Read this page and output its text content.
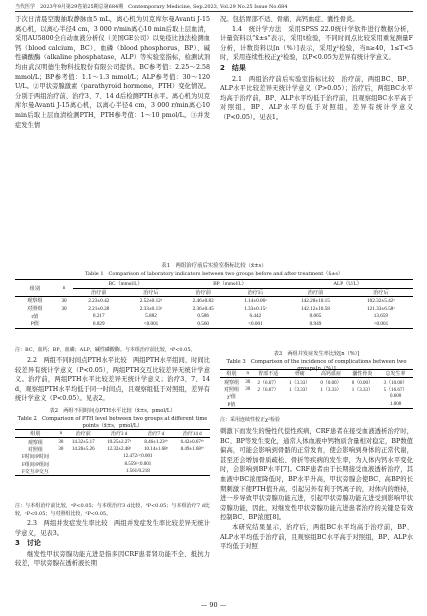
当代医学　2023年9月第29卷第25期总第684期　Contemporary Medicine, Sep.2023, Vol.29 No.25 Issue No.684

于次日清晨空腹抽取静脉血5 mL，离心机为贝克库尔曼Avanti J-15离心机，以离心半径4 cm，3 000 r/min离心10 min后取上层血清，采用AU5800全自动血液分析仪（美国GE公司）以免疫比浊法检测血钙（blood calcium，BC）、血磷（blood phosphorus，BP）、碱性磷酸酶（alkaline phosphatase，ALP）等实验室指标，检测试剂均由武汉明德生物科技股份有限公司提供。BC参考值：2.25～2.58 mmol/L；BP参考值：1.1～1.3 mmol/L；ALP参考值：30～120 U/L。②甲状旁腺激素（parathyroid hormone，PTH）变化情况。分别于两组治疗前、治疗3、7、14 d后检测PTH水平。离心机为贝克库尔曼Avanti J-15离心机，以离心半径4 cm，3 000 r/min离心10 min后取上层血清检测PTH，PTH参考值：1～10 pmol/L。③并发症发生情

况。包括胃部不适、骨痛、高钙血症、囊性骨炎。

1.4　统计学方法　采用SPSS 22.0统计学软件进行数据分析，计量资料以“x̄±s”表示，采用t检验，不同时间点比较采用重复测量F分析，计数资料以[n（%）]表示，采用χ²检验，当n≥40，1≤T<5时，采用连续性校正χ²检验，以P<0.05为差异有统计学意义。

2　结果

2.1　两组治疗前后实验室指标比较　治疗前，两组BC、BP、ALP水平比较差异无统计学意义（P>0.05）；治疗后，两组BC水平均高于治疗前，BP、ALP水平均低于治疗前，且观察组BC水平高于对照组，BP、ALP水平均低于对照组，差异有统计学意义（P<0.05）。见表1。

表1　两组治疗前后实验室指标比较（x̄±s）
Table 1　Comparison of laboratory indicators between two groups before and after treatment（x̄±s）
组别	n	BC（mmol/L）		BP（mmol/L）		ALP（U/L）	
		治疗前	治疗后	治疗前	治疗后	治疗前	治疗后
观察组	30	2.23±0.42	2.52±0.12ᵃ	2.46±0.82	1.14±0.06ᵃ	142.28±10.15	102.32±5.42ᵃ
对照组	30	2.21±0.28	2.33±0.13ᵃ	2.36±0.45	1.33±0.15ᵃ	142.12±10.58	121.33±6.58ᵃ
t值		0.217	5.882	0.586	6.442	0.065	13.659
P值		0.829	<0.001	0.560	<0.001	0.949	<0.001
注：BC，血钙；BP，血磷；ALP，碱性磷酸酶。与本组治疗前比较，ᵃP<0.05。

2.2　两组不同时间点PTH水平比较　两组PTH水平组间、时间比较差异有统计学意义（P<0.05），两组PTH交互比较差异无统计学意义。治疗前，两组PTH水平比较差异无统计学意义；治疗3、7、14 d，观察组PTH水平均低于同一时间点，且观察组低于对照组，差异有统计学意义（P<0.05）。见表2。

表2　两组不同时间点PTH水平比较（x̄±s，pmol/L）
Table 2　Comparison of PTH level between two groups at different time points（x̄±s，pmol/L）
组别	n	治疗前	治疗3 d	治疗7 d	治疗14 d
观察组	30	14.32±5.17	10.25±2.27ᵃ	8.46±1.23ᵃᵇ	6.42±0.67ᵃᵇ
对照组	30	14.28±5.26	12.32±2.48ᵃ	10.14±1.68ᵃ	8.49±1.68ᵃᵇ
F时间/P时间		12.472/<0.001			
F组间/P组间		8.559/<0.001			
F交互/P交互		1.561/0.218			
注：与本组治疗前比较，ᵃP<0.05；与本组治疗3 d比较，ᵇP<0.05；与本组治疗7 d比较，ᶜP<0.05；与对照组比较，ᵈP<0.05。

2.3　两组并发症发生率比较　两组并发症发生率比较差异无统计学意义，见表3。

3　讨论

继发性甲状旁腺功能亢进是指多因CRF患者肾功能不全、抵抗力较差，甲状旁腺在透析液长期

表3　两组并发症发生率比较[n（%）]
Table 3　Comparison of the incidence of complications between two groups[n（%）]
组别	n	胃部不适	骨痛	高钙血症	囊性骨炎	总发生率
观察组	30	2（6.67）	1（3.33）	0（0.00）	0（0.00）	3（10.00）
对照组	30	2（6.67）	1（3.33）	1（3.33）	1（3.33）	5（16.67）
χ²值						0.600
P值						1.000
注：采用连续性校正χ²检验

刺激下而发生的慢性代偿性疾病，CRF患者在接受血液透析治疗时，BC、BP等发生变化，通常人体血液中钙物质含量相对稳定，BP数值偏高，可能会影响到骨骼的正常发育，使会影响到身体的正常代谢，甚至还会增加骨质疏松、骨折等疾病的发生率，为人体内钙水平变化时，会影响到BP水平[7]。CRF患者由于长期接受血液透析治疗，其血液中BC浓度降低时，BP水平升高，甲状旁腺会使BC、高BP的长期刺激下使PTH值升高，引起另外有利于钙离子的，对体内的维持，进一步导致甲状旁腺功能亢进，引起甲状旁腺功能亢进受到影响甲状旁腺功能，因此，对继发性甲状旁腺功能亢进患者治疗的关键是有效控制BC、BP浓度[8]。

本研究结果显示，治疗后，两组BC水平均高于治疗前，BP、ALP水平均低于治疗前，且观察组BC水平高于对照组，BP、ALP水平均低于对照

— 90 —
